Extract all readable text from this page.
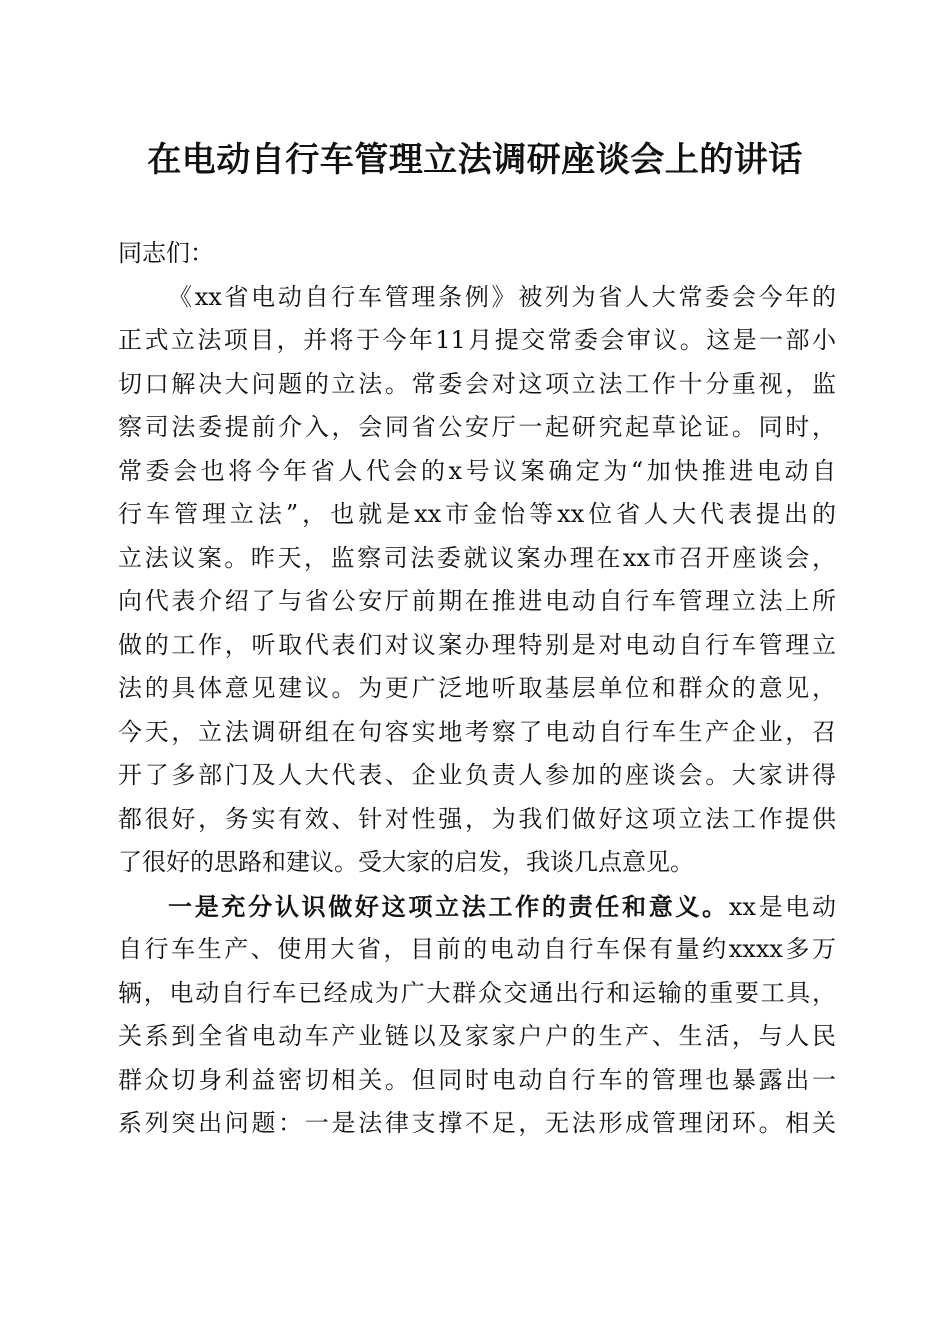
在电动自行车管理立法调研座谈会上的讲话

同志们：

《xx省电动自行车管理条例》被列为省人大常委会今年的

正式立法项目，并将于今年11月提交常委会审议。这是一部小

切口解决大问题的立法。常委会对这项立法工作十分重视，监

察司法委提前介入，会同省公安厅一起研究起草论证。同时，

常委会也将今年省人代会的x号议案确定为“加快推进电动自

行车管理立法”，也就是xx市金怡等xx位省人大代表提出的

立法议案。昨天，监察司法委就议案办理在xx市召开座谈会，

向代表介绍了与省公安厅前期在推进电动自行车管理立法上所

做的工作，听取代表们对议案办理特别是对电动自行车管理立

法的具体意见建议。为更广泛地听取基层单位和群众的意见，

今天，立法调研组在句容实地考察了电动自行车生产企业，召

开了多部门及人大代表、企业负责人参加的座谈会。大家讲得

都很好，务实有效、针对性强，为我们做好这项立法工作提供

了很好的思路和建议。受大家的启发，我谈几点意见。

一是充分认识做好这项立法工作的责任和意义。xx是电动

自行车生产、使用大省，目前的电动自行车保有量约xxxx多万

辆，电动自行车已经成为广大群众交通出行和运输的重要工具，

关系到全省电动车产业链以及家家户户的生产、生活，与人民

群众切身利益密切相关。但同时电动自行车的管理也暴露出一

系列突出问题：一是法律支撑不足，无法形成管理闭环。相关
